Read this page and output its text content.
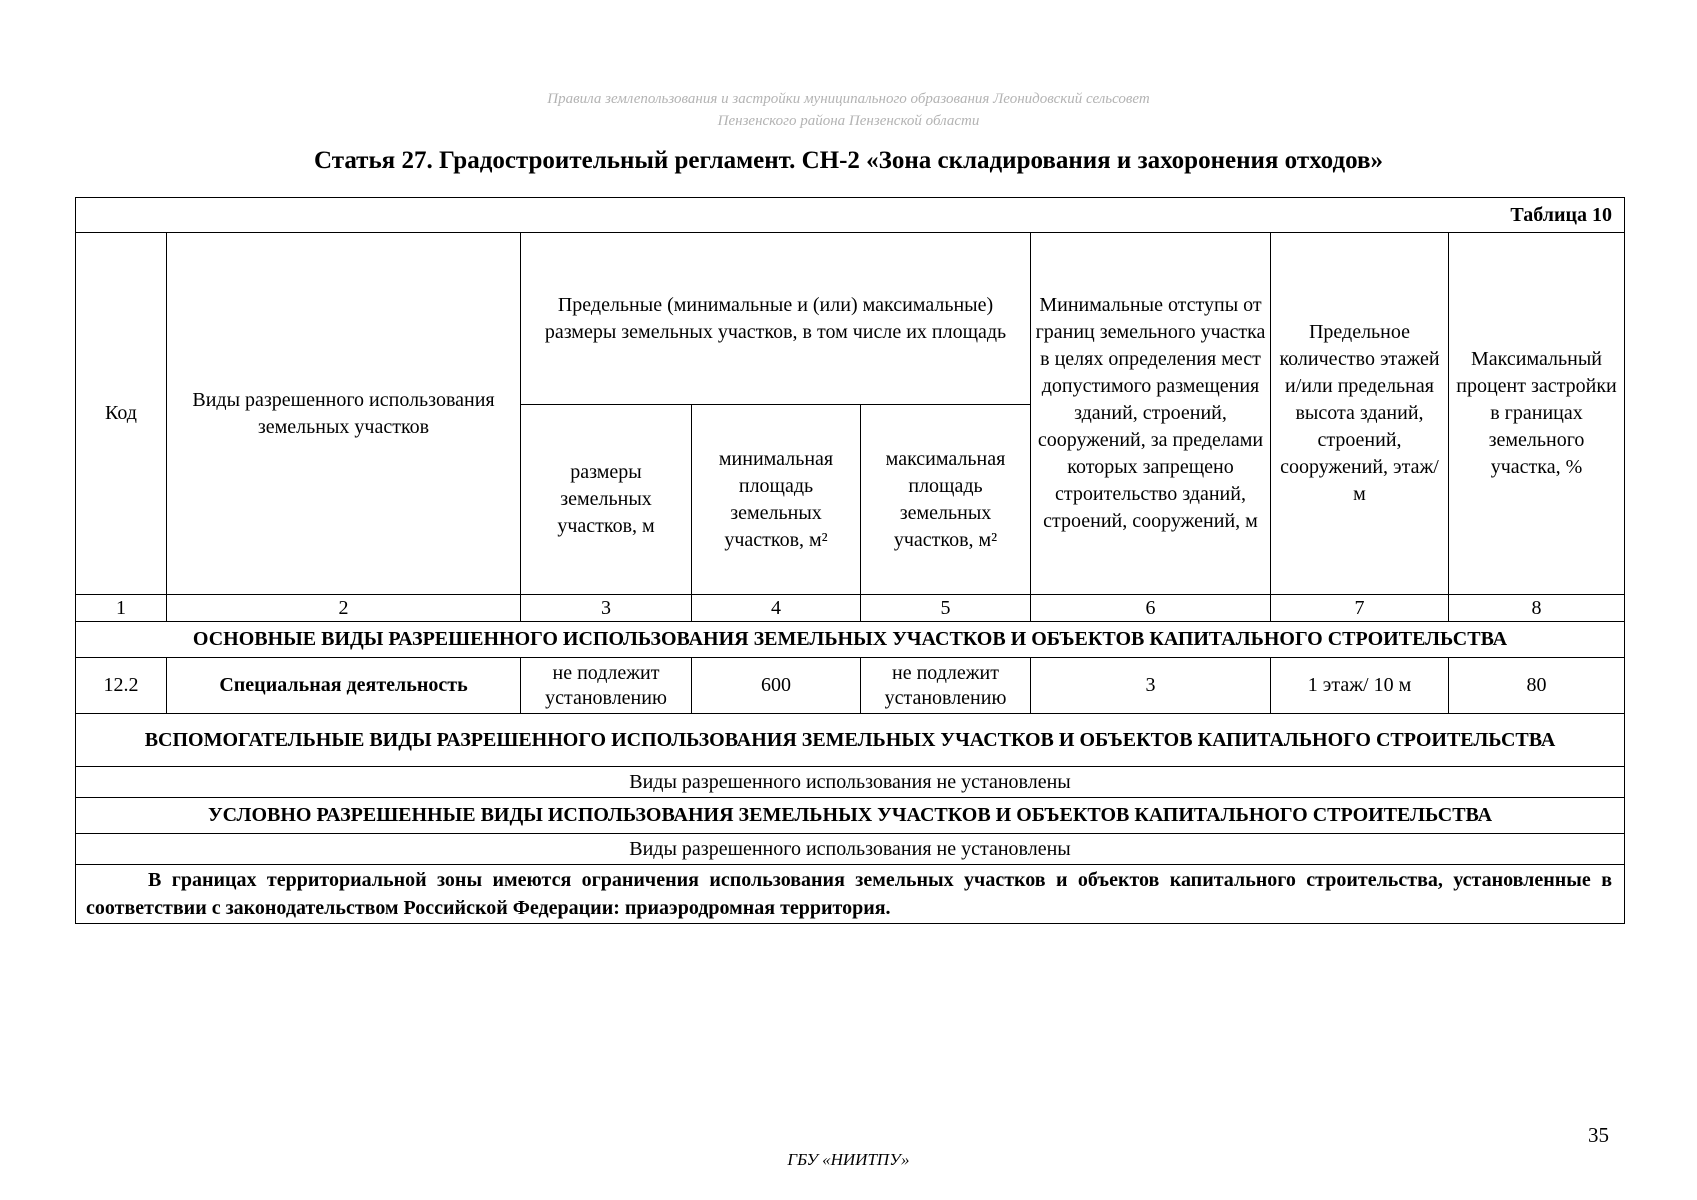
Правила землепользования и застройки муниципального образования Леонидовский сельсовет
Пензенского района Пензенской области
Статья 27. Градостроительный регламент. СН-2 «Зона складирования и захоронения отходов»
Таблица 10							
Код	Виды разрешенного использования земельных участков	Предельные (минимальные и (или) максимальные) размеры земельных участков, в том числе их площадь			Минимальные отступы от границ земельного участка в целях определения мест допустимого размещения зданий, строений, сооружений, за пределами которых запрещено строительство зданий, строений, сооружений, м	Предельное количество этажей и/или предельная высота зданий, строений, сооружений, этаж/м	Максимальный процент застройки в границах земельного участка, %
		размеры земельных участков, м	минимальная площадь земельных участков, м²	максимальная площадь земельных участков, м²			
1	2	3	4	5	6	7	8
ОСНОВНЫЕ ВИДЫ РАЗРЕШЕННОГО ИСПОЛЬЗОВАНИЯ ЗЕМЕЛЬНЫХ УЧАСТКОВ И ОБЪЕКТОВ КАПИТАЛЬНОГО СТРОИТЕЛЬСТВА							
12.2	Специальная деятельность	не подлежит установлению	600	не подлежит установлению	3	1 этаж/ 10 м	80
ВСПОМОГАТЕЛЬНЫЕ ВИДЫ РАЗРЕШЕННОГО ИСПОЛЬЗОВАНИЯ ЗЕМЕЛЬНЫХ УЧАСТКОВ И ОБЪЕКТОВ КАПИТАЛЬНОГО СТРОИТЕЛЬСТВА							
Виды разрешенного использования не установлены							
УСЛОВНО РАЗРЕШЕННЫЕ ВИДЫ ИСПОЛЬЗОВАНИЯ ЗЕМЕЛЬНЫХ УЧАСТКОВ И ОБЪЕКТОВ КАПИТАЛЬНОГО СТРОИТЕЛЬСТВА							
Виды разрешенного использования не установлены							
В границах территориальной зоны имеются ограничения использования земельных участков и объектов капитального строительства, установленные в соответствии с законодательством Российской Федерации: приаэродромная территория.							
35
ГБУ «НИИТПУ»
